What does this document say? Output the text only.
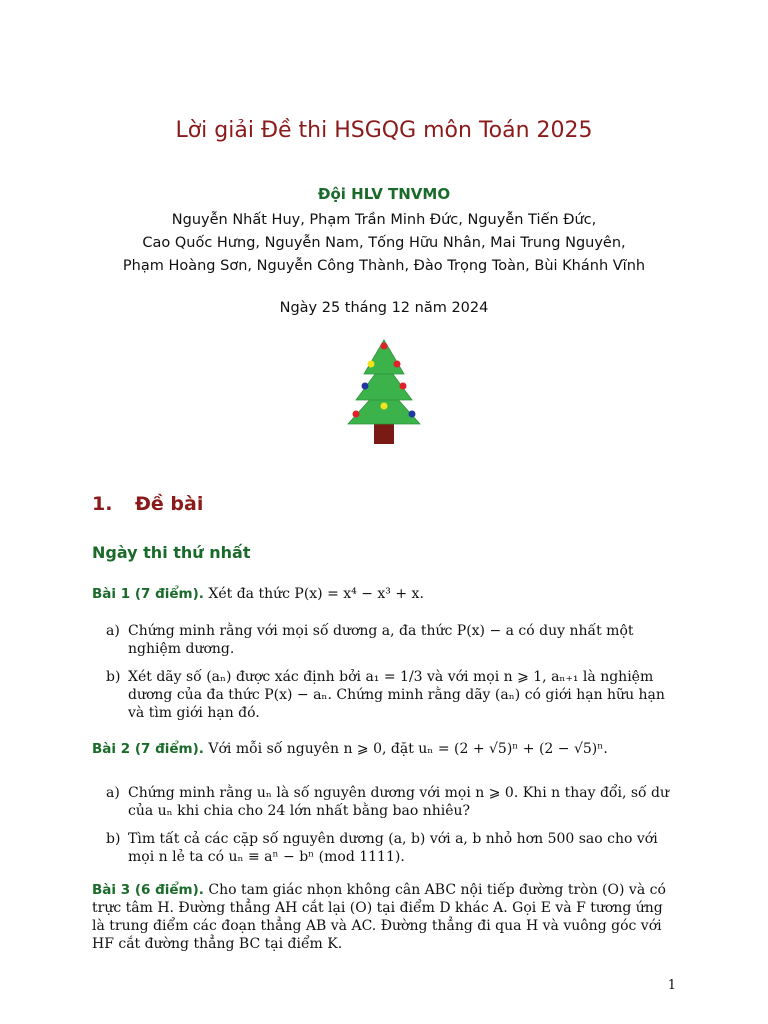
Lời giải Đề thi HSGQG môn Toán 2025
Đội HLV TNVMO
Nguyễn Nhất Huy, Phạm Trần Minh Đức, Nguyễn Tiến Đức,
Cao Quốc Hưng, Nguyễn Nam, Tống Hữu Nhân, Mai Trung Nguyên,
Phạm Hoàng Sơn, Nguyễn Công Thành, Đào Trọng Toàn, Bùi Khánh Vĩnh
Ngày 25 tháng 12 năm 2024
1. Đề bài
Ngày thi thứ nhất
Bài 1 (7 điểm). Xét đa thức P(x) = x⁴ − x³ + x.
a) Chứng minh rằng với mọi số dương a, đa thức P(x) − a có duy nhất một nghiệm dương.
b) Xét dãy số (aₙ) được xác định bởi a₁ = 1/3 và với mọi n ⩾ 1, aₙ₊₁ là nghiệm dương của đa thức P(x) − aₙ. Chứng minh rằng dãy (aₙ) có giới hạn hữu hạn và tìm giới hạn đó.
Bài 2 (7 điểm). Với mỗi số nguyên n ⩾ 0, đặt uₙ = (2 + √5)ⁿ + (2 − √5)ⁿ.
a) Chứng minh rằng uₙ là số nguyên dương với mọi n ⩾ 0. Khi n thay đổi, số dư của uₙ khi chia cho 24 lớn nhất bằng bao nhiêu?
b) Tìm tất cả các cặp số nguyên dương (a, b) với a, b nhỏ hơn 500 sao cho với mọi n lẻ ta có uₙ ≡ aⁿ − bⁿ (mod 1111).
Bài 3 (6 điểm). Cho tam giác nhọn không cân ABC nội tiếp đường tròn (O) và có trực tâm H. Đường thẳng AH cắt lại (O) tại điểm D khác A. Gọi E và F tương ứng là trung điểm các đoạn thẳng AB và AC. Đường thẳng đi qua H và vuông góc với HF cắt đường thẳng BC tại điểm K.
1
